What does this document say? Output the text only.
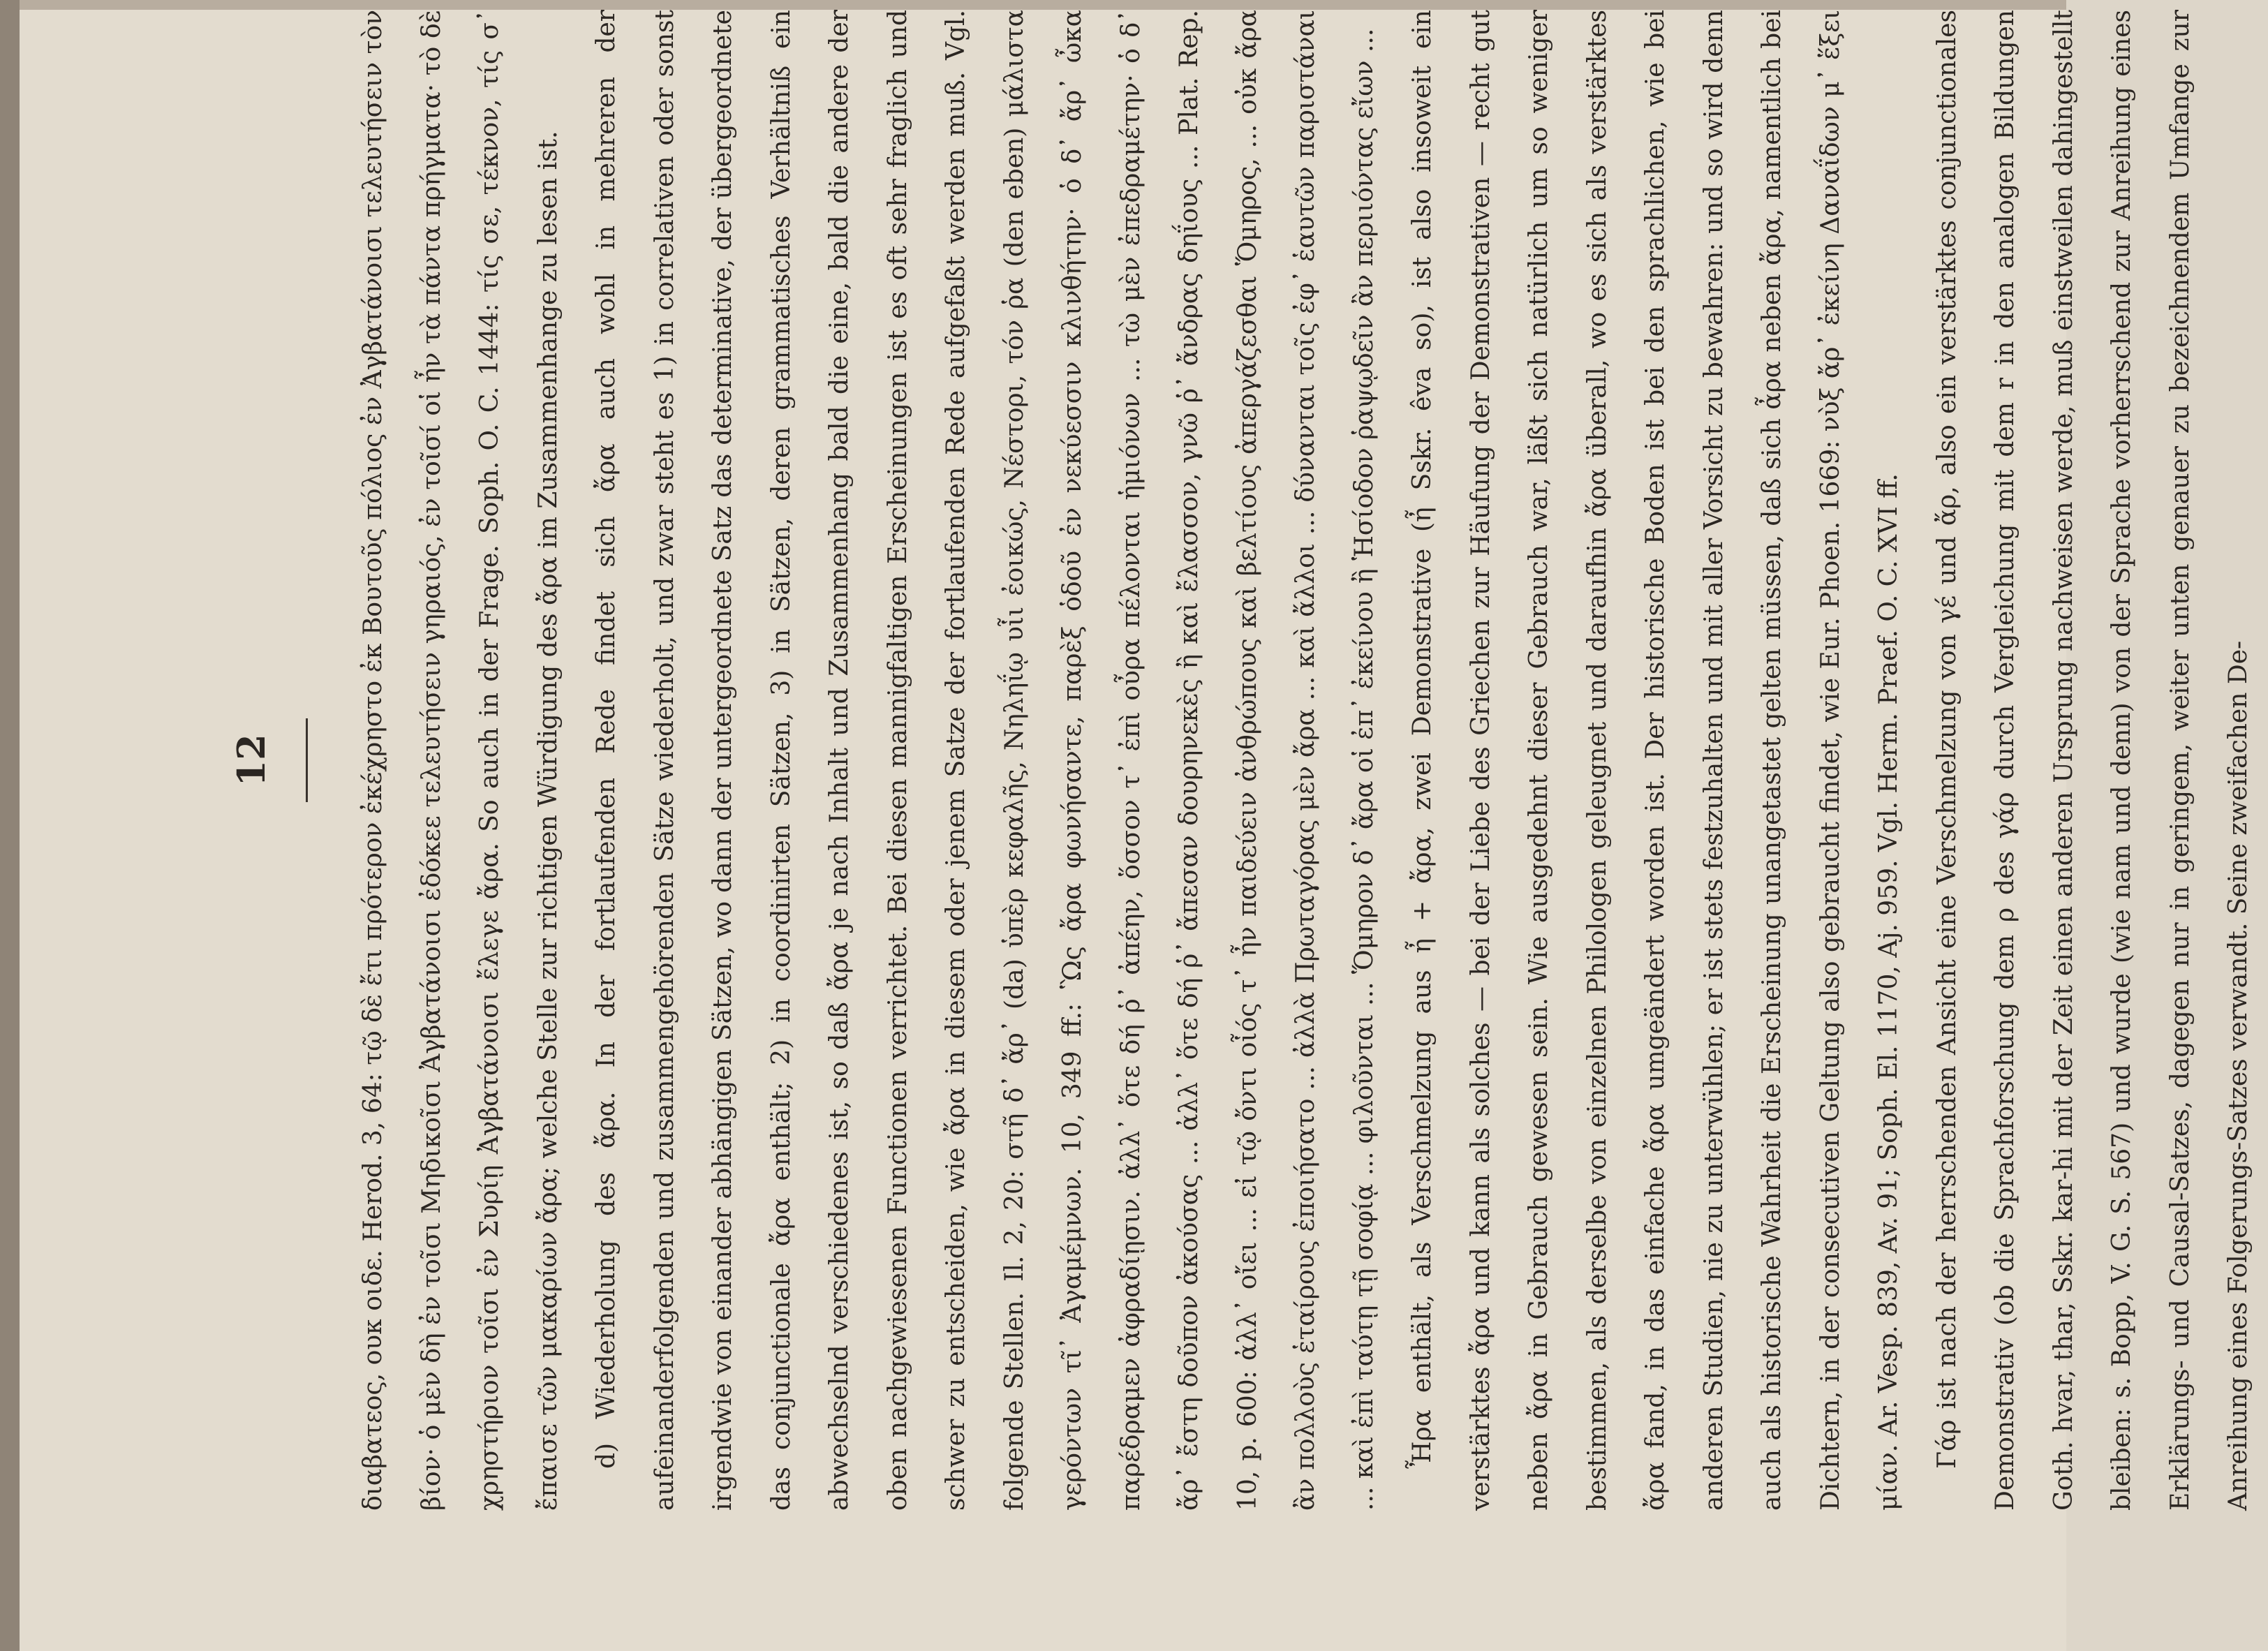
12	διαβατεος, ουκ οιδε. Herod. 3, 64: τῷ δὲ ἔτι πρότερον ἐκέχρηστο ἐκ Βουτοῦς πόλιος ἐν Ἀγβατάνοισι τελευτήσειν τὸν βίον· ὁ μὲν δὴ ἐν τοῖσι Μηδικοῖσι Ἀγβατάνοισι ἐδόκεε τελευτήσειν γηραιός, ἐν τοῖσί οἱ ἦν τὰ πάντα πρήγματα· τὸ δὲ χρηστήριον τοῖσι ἐν Συρίῃ Ἀγβατάνοισι ἔλεγε ἄρα. So auch in der Frage. Soph. O. C. 1444: τίς σε, τέκνον, τίς σ᾽ ἔπαισε τῶν μακαρίων ἄρα; welche Stelle zur richtigen Würdigung des ἄρα im Zusammenhange zu lesen ist.	d) Wiederholung des ἄρα. In der fortlaufenden Rede findet sich ἄρα auch wohl in mehreren der aufeinanderfolgenden und zusammengehörenden Sätze wiederholt, und zwar steht es 1) in correlativen oder sonst irgendwie von einander abhängigen Sätzen, wo dann der untergeordnete Satz das determinative, der übergeordnete das conjunctionale ἄρα enthält; 2) in coordinirten Sätzen, 3) in Sätzen, deren grammatisches Verhältniß ein abwechselnd verschiedenes ist, so daß ἄρα je nach Inhalt und Zusammenhang bald die eine, bald die andere der oben nachgewiesenen Functionen verrichtet. Bei diesen mannigfaltigen Erscheinungen ist es oft sehr fraglich und schwer zu entscheiden, wie ἄρα in diesem oder jenem Satze der fortlaufenden Rede aufgefaßt werden muß. Vgl. folgende Stellen. Il. 2, 20: στῆ δ᾽ ἄρ᾽ (da) ὑπὲρ κεφαλῆς, Νηληΐῳ υἷι ἐοικώς, Νέστορι, τόν ῥα (den eben) μάλιστα γερόντων τῖ᾽ Ἀγαμέμνων. 10, 349 ff.: Ὣς ἄρα φωνήσαντε, παρὲξ ὁδοῦ ἐν νεκύεσσιν κλινθήτην· ὁ δ᾽ ἄρ᾽ ὦκα παρέδραμεν ἀφραδίῃσιν. ἀλλ᾽ ὅτε δή ῥ᾽ ἀπέην, ὅσσον τ᾽ ἐπὶ οὖρα πέλονται ἡμιόνων ... τὼ μὲν ἐπεδραμέτην· ὁ δ᾽ ἄρ᾽ ἔστη δοῦπον ἀκούσας ... ἀλλ᾽ ὅτε δή ῥ᾽ ἄπεσαν δουρηνεκὲς ἢ καὶ ἔλασσον, γνῶ ῥ᾽ ἄνδρας δηΐους ... Plat. Rep. 10, p. 600: ἀλλ᾽ οἴει ... εἰ τῷ ὄντι οἷός τ᾽ ἦν παιδεύειν ἀνθρώπους καὶ βελτίους ἀπεργάζεσθαι Ὅμηρος, ... οὐκ ἄρα ἂν πολλοὺς ἑταίρους ἐποιήσατο ... ἀλλὰ Πρωταγόρας μὲν ἄρα ... καὶ ἄλλοι ... δύνανται τοῖς ἐφ᾽ ἑαυτῶν παριστάναι ... καὶ ἐπὶ ταύτῃ τῇ σοφίᾳ ... φιλοῦνται ... Ὅμηρον δ᾽ ἄρα οἱ ἐπ᾽ ἐκείνου ἢ Ἡσίοδον ῥαψῳδεῖν ἂν περιιόντας εἴων ...	Ἦρα enthält, als Verschmelzung aus ἦ + ἄρα, zwei Demonstrative (ἦ Sskr. êva so), ist also insoweit ein verstärktes ἄρα und kann als solches — bei der Liebe des Griechen zur Häufung der Demonstrativen — recht gut neben ἄρα in Gebrauch gewesen sein. Wie ausgedehnt dieser Gebrauch war, läßt sich natürlich um so weniger bestimmen, als derselbe von einzelnen Philologen geleugnet und daraufhin ἄρα überall, wo es sich als verstärktes ἄρα fand, in das einfache ἄρα umgeändert worden ist. Der historische Boden ist bei den sprachlichen, wie bei anderen Studien, nie zu unterwühlen; er ist stets festzuhalten und mit aller Vorsicht zu bewahren: und so wird denn auch als historische Wahrheit die Erscheinung unangetastet gelten müssen, daß sich ἆρα neben ἄρα, namentlich bei Dichtern, in der consecutiven Geltung also gebraucht findet, wie Eur. Phoen. 1669: νὺξ ἄρ᾽ ἐκείνη Δαναΐδων μ᾽ ἕξει μίαν. Ar. Vesp. 839, Av. 91; Soph. El. 1170, Aj. 959. Vgl. Herm. Praef. O. C. XVI ff.	Γάρ ist nach der herrschenden Ansicht eine Verschmelzung von γέ und ἄρ, also ein verstärktes conjunctionales Demonstrativ (ob die Sprachforschung dem ρ des γάρ durch Vergleichung mit dem r in den analogen Bildungen Goth. hvar, thar, Sskr. kar-hi mit der Zeit einen anderen Ursprung nachweisen werde, muß einstweilen dahingestellt bleiben: s. Bopp, V. G. S. 567) und wurde (wie nam und denn) von der Sprache vorherrschend zur Anreihung eines Erklärungs- und Causal-Satzes, dagegen nur in geringem, weiter unten genauer zu bezeichnendem Umfange zur Anreihung eines Folgerungs-Satzes verwandt. Seine zweifachen De-
